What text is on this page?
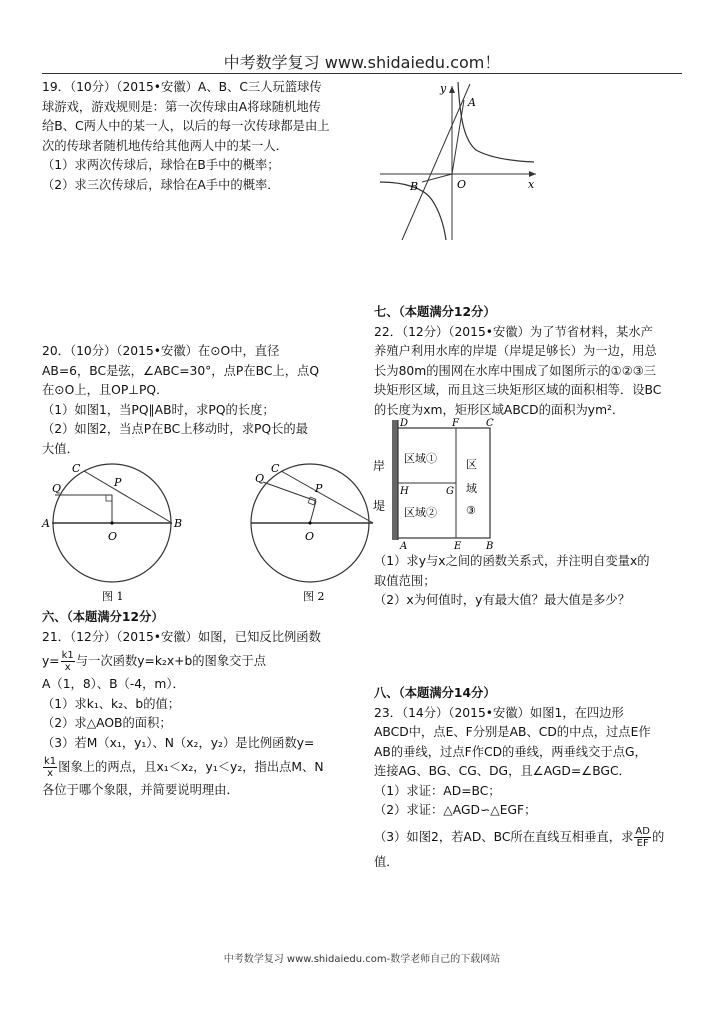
中考数学复习 www.shidaiedu.com！
19．（10分）（2015•安徽）A、B、C三人玩篮球传
球游戏，游戏规则是：第一次传球由A将球随机地传
给B、C两人中的某一人，以后的每一次传球都是由上
次的传球者随机地传给其他两人中的某一人．
（1）求两次传球后，球恰在B手中的概率；
（2）求三次传球后，球恰在A手中的概率．
y
x
O
A
B
20．（10分）（2015•安徽）在⊙O中，直径
AB=6，BC是弦，∠ABC=30°，点P在BC上，点Q
在⊙O上，且OP⊥PQ．
（1）如图1，当PQ∥AB时，求PQ的长度；
（2）如图2，当点P在BC上移动时，求PQ长的最
大值．
C
Q	P
A	B
O
图 1
C
Q
P
O
图 2
六、（本题满分12分）
21．（12分）（2015•安徽）如图，已知反比例函数
$y= \frac{k1}{x}$ 与一次函数y=k₂x+b的图象交于点
A（1，8）、B（-4，m）．
（1）求k₁、k₂、b的值；
（2）求△AOB的面积；
（3）若M（x₁，y₁）、N（x₂，y₂）是比例函数y=
$\frac{k1}{x}$ 图象上的两点，且x₁＜x₂，y₁＜y₂，指出点M、N
各位于哪个象限，并简要说明理由．
七、（本题满分12分）
22．（12分）（2015•安徽）为了节省材料，某水产
养殖户利用水库的岸堤（岸堤足够长）为一边，用总
长为80m的围网在水库中围成了如图所示的①②③三
块矩形区域，而且这三块矩形区域的面积相等．设BC
的长度为xm，矩形区域ABCD的面积为ym²．
区域①
区域②
区
域
③
岸
堤
D	F	C
H	G
A	E B
（1）求y与x之间的函数关系式，并注明自变量x的
取值范围；
（2）x为何值时，y有最大值？最大值是多少？
八、（本题满分14分）
23．（14分）（2015•安徽）如图1，在四边形
ABCD中，点E、F分别是AB、CD的中点，过点E作
AB的垂线，过点F作CD的垂线，两垂线交于点G，
连接AG、BG、CG、DG，且∠AGD=∠BGC．
（1）求证：AD=BC；
（2）求证：△AGD∽△EGF；
（3）如图2，若AD、BC所在直线互相垂直，求 $\frac{AD}{EF}$ 的
值．
中考数学复习 www.shidaiedu.com-数学老师自己的下载网站
